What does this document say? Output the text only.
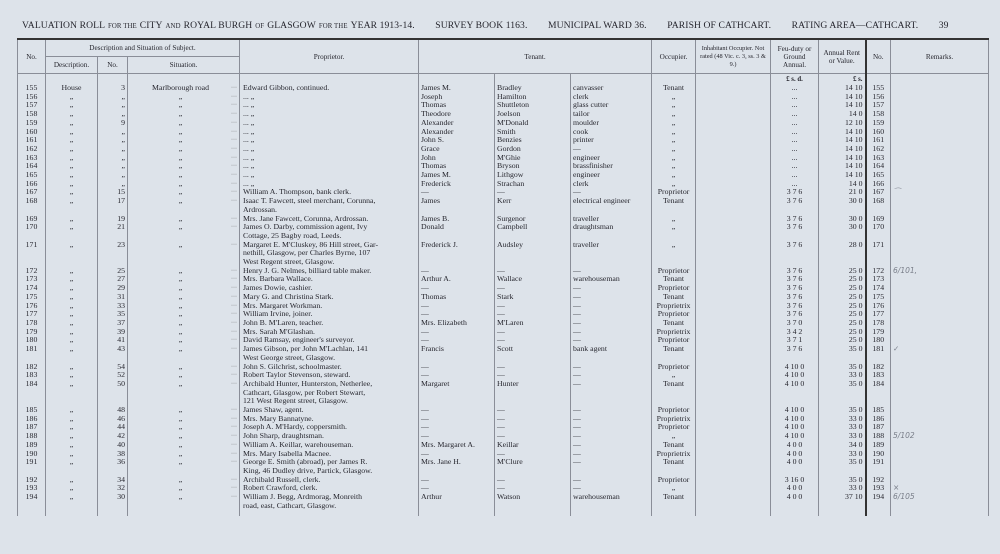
VALUATION ROLL FOR THE CITY AND ROYAL BURGH OF GLASGOW FOR THE YEAR 1913-14. SURVEY BOOK 1163. MUNICIPAL WARD 36. PARISH OF CATHCART. RATING AREA—CATHCART. 39
No.	Description and Situation of Subject.			Proprietor.	Tenant.			Occupier.	Inhabitant Occupier. Not rated (48 Vic. c. 3, ss. 3 & 9.)	Feu-duty or Ground Annual.	Annual Rent or Value.	No.	Remarks.
	Description.	No.	Situation.										
										£ s. d.	£ s.		
155	House	3	Marlborough road ···	Edward Gibbon, continued.	James M.	Bradley	canvasser	Tenant		...	14 10	155	
156	„	„	„ ···	... „	Joseph	Hamilton	clerk	„		...	14 10	156	
157	„	„	„ ···	... „	Thomas	Shuttleton	glass cutter	„		...	14 10	157	
158	„	„	„ ···	... „	Theodore	Joelson	tailor	„		...	14 0	158	
159	„	9	„ ···	... „	Alexander	M'Donald	moulder	„		...	12 10	159	
160	„	„	„ ···	... „	Alexander	Smith	cook	„		...	14 10	160	
161	„	„	„ ···	... „	John S.	Benzies	printer	„		...	14 10	161	
162	„	„	„ ···	... „	Grace	Gordon	—	„		...	14 10	162	
163	„	„	„ ···	... „	John	M'Ghie	engineer	„		...	14 10	163	
164	„	„	„ ···	... „	Thomas	Bryson	brassfinisher	„		...	14 10	164	
165	„	„	„ ···	... „	James M.	Lithgow	engineer	„		...	14 10	165	
166	„	„	„ ···	... „	Frederick	Strachan	clerk	„		...	14 0	166	
167	„	15	„ ···	William A. Thompson, bank clerk.	—	—	—	Proprietor		3 7 6	21 0	167	⌒
168	„	17	„ ···	Isaac T. Fawcett, steel merchant, Corunna,
Ardrossan.	James	Kerr	electrical engineer	Tenant		3 7 6	30 0	168	
169	„	19	„ ···	Mrs. Jane Fawcett, Corunna, Ardrossan.	James B.	Surgenor	traveller	„		3 7 6	30 0	169	
170	„	21	„ ···	James O. Darby, commission agent, Ivy
Cottage, 25 Bagby road, Leeds.	Donald	Campbell	draughtsman	„		3 7 6	30 0	170	
171	„	23	„ ···	Margaret E. M'Cluskey, 86 Hill street, Gar-
nethill, Glasgow, per Charles Byrne, 107
West Regent street, Glasgow.	Frederick J.	Audsley	traveller	„		3 7 6	28 0	171	
172	„	25	„ ···	Henry J. G. Nelmes, billiard table maker.	—	—	—	Proprietor		3 7 6	25 0	172	6/101,
173	„	27	„ ···	Mrs. Barbara Wallace.	Arthur A.	Wallace	warehouseman	Tenant		3 7 6	25 0	173	
174	„	29	„ ···	James Dowie, cashier.	—	—	—	Proprietor		3 7 6	25 0	174	
175	„	31	„ ···	Mary G. and Christina Stark.	Thomas	Stark	—	Tenant		3 7 6	25 0	175	
176	„	33	„ ···	Mrs. Margaret Workman.	—	—	—	Proprietrix		3 7 6	25 0	176	
177	„	35	„ ···	William Irvine, joiner.	—	—	—	Proprietor		3 7 6	25 0	177	
178	„	37	„ ···	John B. M'Laren, teacher.	Mrs. Elizabeth	M'Laren	—	Tenant		3 7 0	25 0	178	
179	„	39	„ ···	Mrs. Sarah M'Glashan.	—	—	—	Proprietrix		3 4 2	25 0	179	
180	„	41	„ ···	David Ramsay, engineer's surveyor.	—	—	—	Proprietor		3 7 1	25 0	180	
181	„	43	„ ···	James Gibson, per John M'Lachlan, 141
West George street, Glasgow.	Francis	Scott	bank agent	Tenant		3 7 6	35 0	181	✓
182	„	54	„ ···	John S. Gilchrist, schoolmaster.	—	—	—	Proprietor		4 10 0	35 0	182	
183	„	52	„ ···	Robert Taylor Stevenson, steward.	—	—	—	„		4 10 0	33 0	183	
184	„	50	„ ···	Archibald Hunter, Hunterston, Netherlee,
Cathcart, Glasgow, per Robert Stewart,
121 West Regent street, Glasgow.	Margaret	Hunter	—	Tenant		4 10 0	35 0	184	
185	„	48	„ ···	James Shaw, agent.	—	—	—	Proprietor		4 10 0	35 0	185	
186	„	46	„ ···	Mrs. Mary Bannatyne.	—	—	—	Proprietrix		4 10 0	33 0	186	
187	„	44	„ ···	Joseph A. M'Hardy, coppersmith.	—	—	—	Proprietor		4 10 0	33 0	187	
188	„	42	„ ···	John Sharp, draughtsman.	—	—	—	„		4 10 0	33 0	188	5/102
189	„	40	„ ···	William A. Keillar, warehouseman.	Mrs. Margaret A.	Keillar	—	Tenant		4 0 0	34 0	189	
190	„	38	„ ···	Mrs. Mary Isabella Macnee.	—	—	—	Proprietrix		4 0 0	33 0	190	
191	„	36	„ ···	George E. Smith (abroad), per James R.
King, 46 Dudley drive, Partick, Glasgow.	Mrs. Jane H.	M'Clure	—	Tenant		4 0 0	35 0	191	
192	„	34	„ ···	Archibald Russell, clerk.	—	—	—	Proprietor		3 16 0	35 0	192	
193	„	32	„ ···	Robert Crawford, clerk.	—	—	—	„		4 0 0	33 0	193	×
194	„	30	„ ···	William J. Begg, Ardmorag, Monreith
road, east, Cathcart, Glasgow.	Arthur	Watson	warehouseman	Tenant		4 0 0	37 10	194	6/105
